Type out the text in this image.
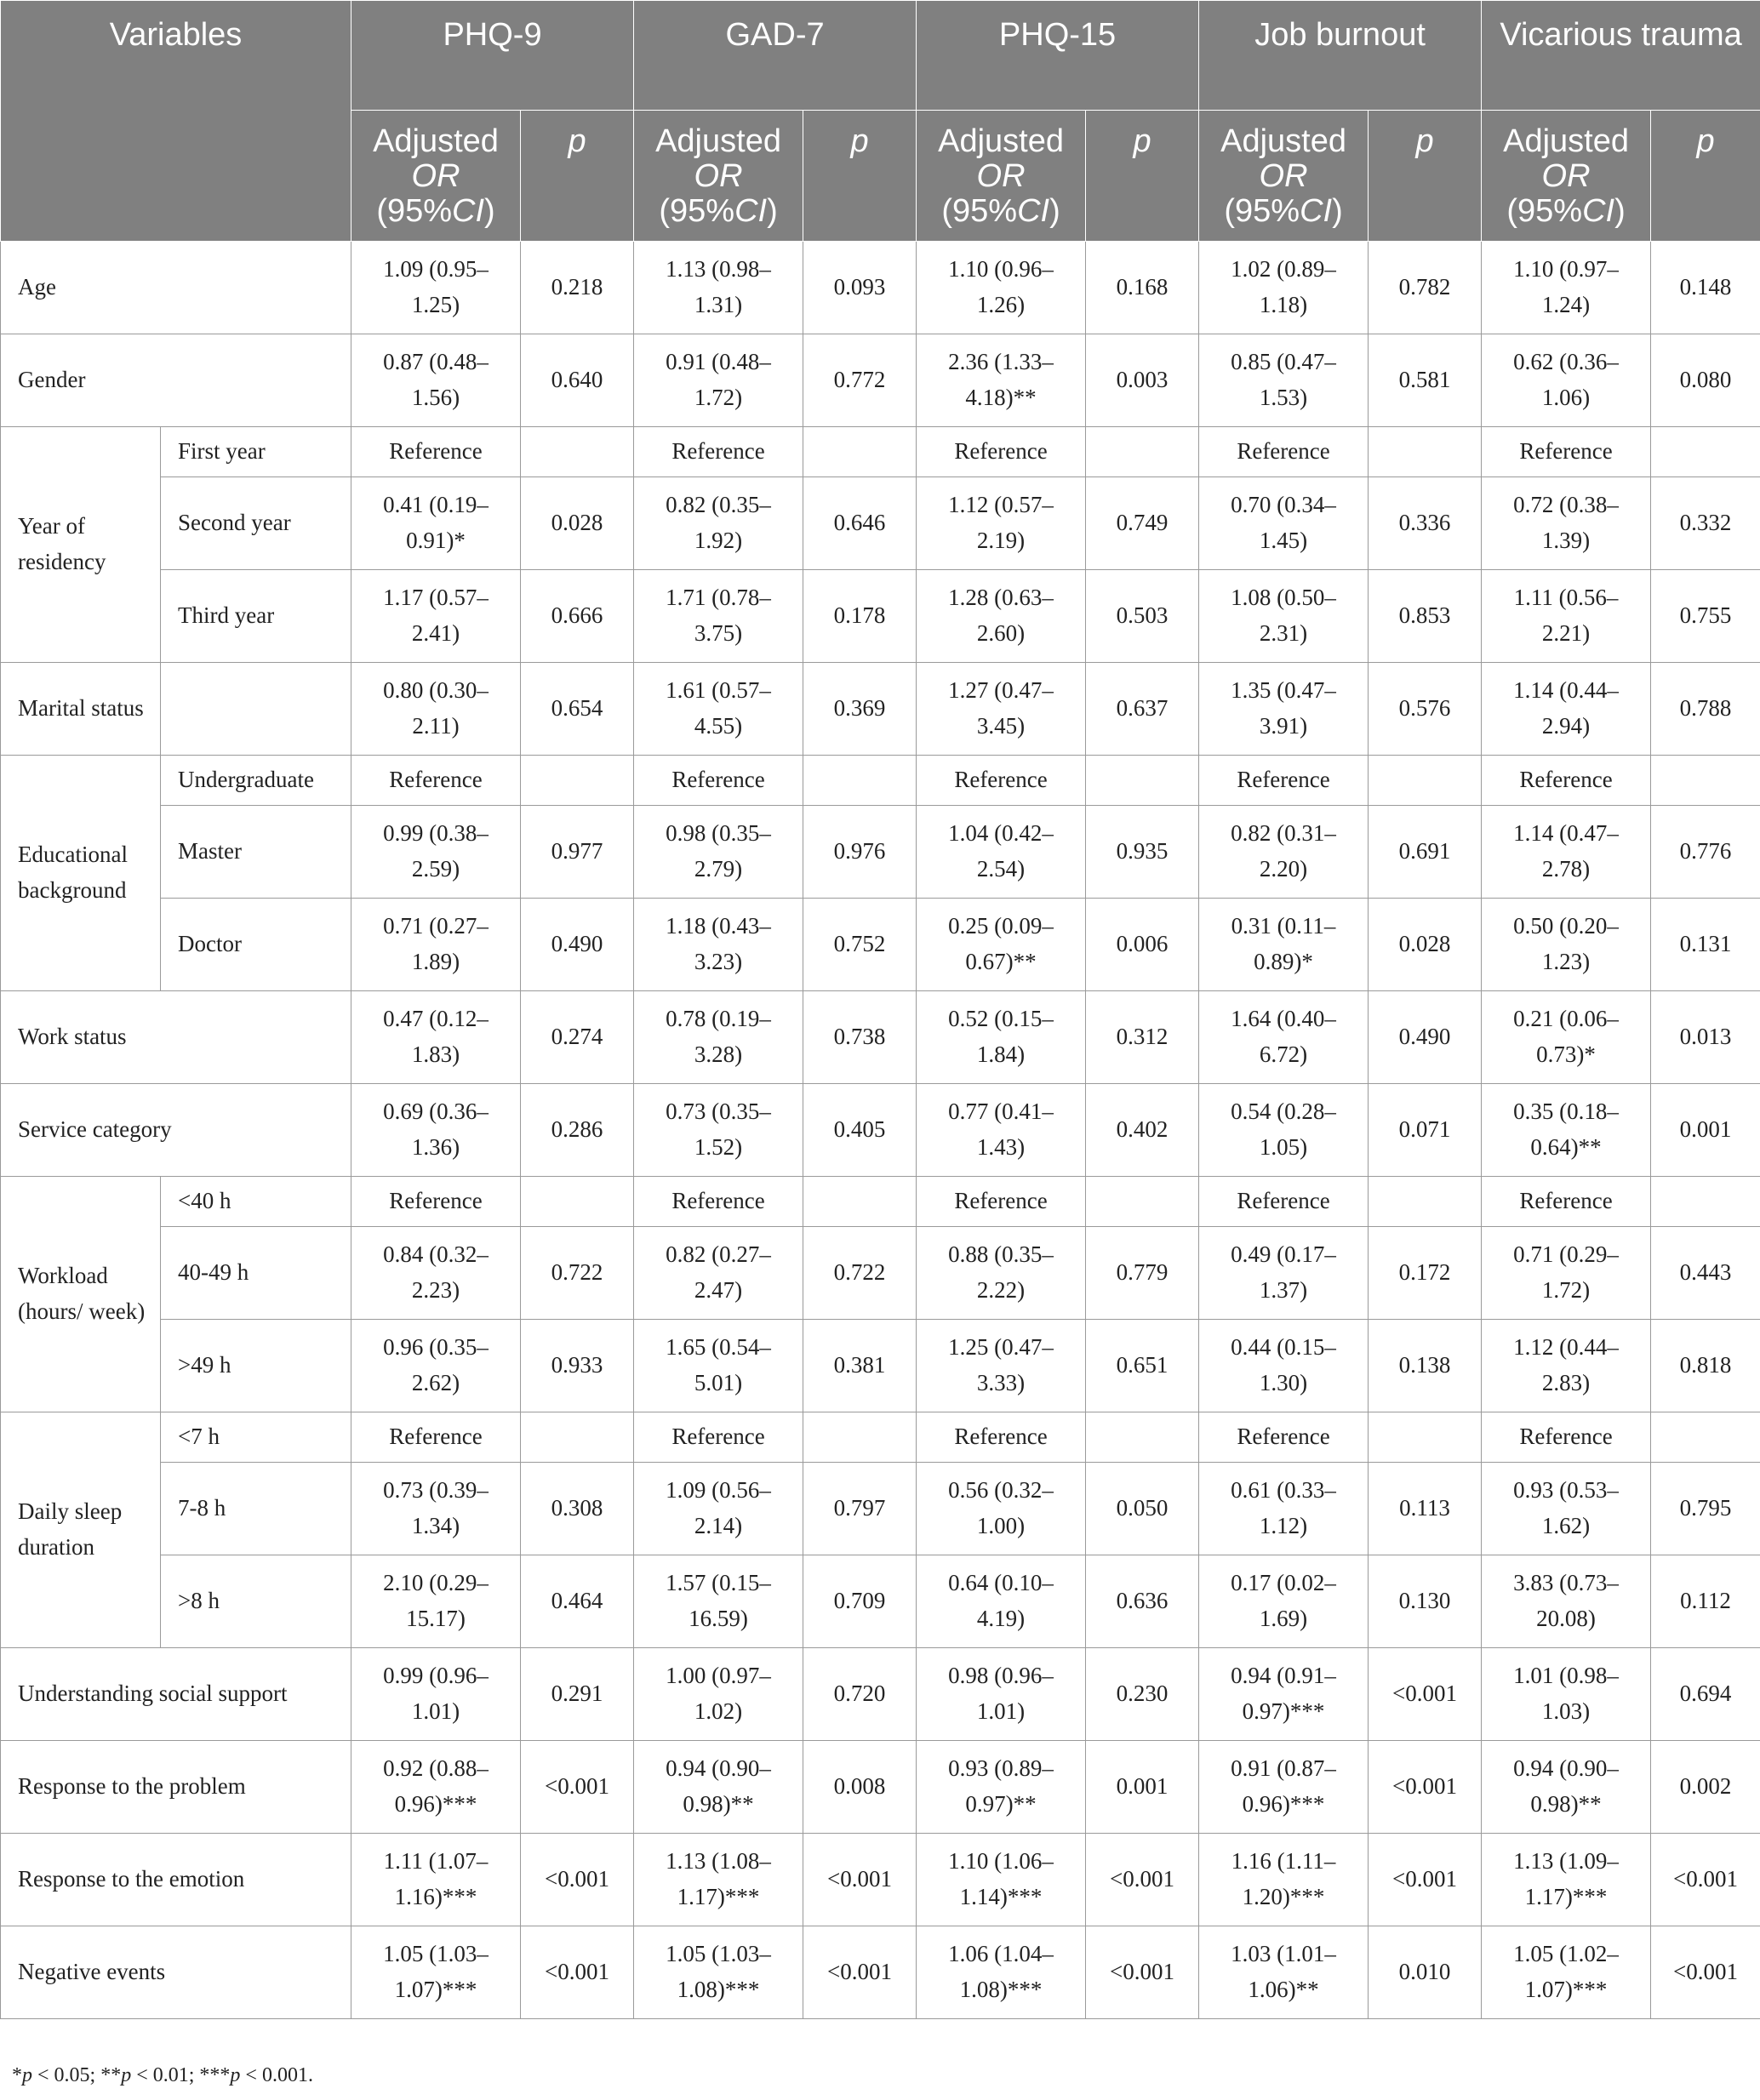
Variables		PHQ-9		GAD-7		PHQ-15		Job burnout		Vicarious trauma	
		Adjusted
OR
(95%CI)	p	Adjusted
OR
(95%CI)	p	Adjusted
OR
(95%CI)	p	Adjusted
OR
(95%CI)	p	Adjusted
OR
(95%CI)	p
Age		1.09 (0.95–1.25)	0.218	1.13 (0.98–1.31)	0.093	1.10 (0.96–1.26)	0.168	1.02 (0.89–1.18)	0.782	1.10 (0.97–1.24)	0.148
Gender		0.87 (0.48–1.56)	0.640	0.91 (0.48–1.72)	0.772	2.36 (1.33–4.18)**	0.003	0.85 (0.47–1.53)	0.581	0.62 (0.36–1.06)	0.080
Year of residency	First year	Reference		Reference		Reference		Reference		Reference	
	Second year	0.41 (0.19–0.91)*	0.028	0.82 (0.35–1.92)	0.646	1.12 (0.57–2.19)	0.749	0.70 (0.34–1.45)	0.336	0.72 (0.38–1.39)	0.332
	Third year	1.17 (0.57–2.41)	0.666	1.71 (0.78–3.75)	0.178	1.28 (0.63–2.60)	0.503	1.08 (0.50–2.31)	0.853	1.11 (0.56–2.21)	0.755
Marital status		0.80 (0.30–2.11)	0.654	1.61 (0.57–4.55)	0.369	1.27 (0.47–3.45)	0.637	1.35 (0.47–3.91)	0.576	1.14 (0.44–2.94)	0.788
Educational background	Undergraduate	Reference		Reference		Reference		Reference		Reference	
	Master	0.99 (0.38–2.59)	0.977	0.98 (0.35–2.79)	0.976	1.04 (0.42–2.54)	0.935	0.82 (0.31–2.20)	0.691	1.14 (0.47–2.78)	0.776
	Doctor	0.71 (0.27–1.89)	0.490	1.18 (0.43–3.23)	0.752	0.25 (0.09–0.67)**	0.006	0.31 (0.11–0.89)*	0.028	0.50 (0.20–1.23)	0.131
Work status		0.47 (0.12–1.83)	0.274	0.78 (0.19–3.28)	0.738	0.52 (0.15–1.84)	0.312	1.64 (0.40–6.72)	0.490	0.21 (0.06–0.73)*	0.013
Service category		0.69 (0.36–1.36)	0.286	0.73 (0.35–1.52)	0.405	0.77 (0.41–1.43)	0.402	0.54 (0.28–1.05)	0.071	0.35 (0.18–0.64)**	0.001
Workload (hours/ week)	<40 h	Reference		Reference		Reference		Reference		Reference	
	40-49 h	0.84 (0.32–2.23)	0.722	0.82 (0.27–2.47)	0.722	0.88 (0.35–2.22)	0.779	0.49 (0.17–1.37)	0.172	0.71 (0.29–1.72)	0.443
	>49 h	0.96 (0.35–2.62)	0.933	1.65 (0.54–5.01)	0.381	1.25 (0.47–3.33)	0.651	0.44 (0.15–1.30)	0.138	1.12 (0.44–2.83)	0.818
Daily sleep duration	<7 h	Reference		Reference		Reference		Reference		Reference	
	7-8 h	0.73 (0.39–1.34)	0.308	1.09 (0.56–2.14)	0.797	0.56 (0.32–1.00)	0.050	0.61 (0.33–1.12)	0.113	0.93 (0.53–1.62)	0.795
	>8 h	2.10 (0.29–15.17)	0.464	1.57 (0.15–16.59)	0.709	0.64 (0.10–4.19)	0.636	0.17 (0.02–1.69)	0.130	3.83 (0.73–20.08)	0.112
Understanding social support		0.99 (0.96–1.01)	0.291	1.00 (0.97–1.02)	0.720	0.98 (0.96–1.01)	0.230	0.94 (0.91–0.97)***	<0.001	1.01 (0.98–1.03)	0.694
Response to the problem		0.92 (0.88–0.96)***	<0.001	0.94 (0.90–0.98)**	0.008	0.93 (0.89–0.97)**	0.001	0.91 (0.87–0.96)***	<0.001	0.94 (0.90–0.98)**	0.002
Response to the emotion		1.11 (1.07–1.16)***	<0.001	1.13 (1.08–1.17)***	<0.001	1.10 (1.06–1.14)***	<0.001	1.16 (1.11–1.20)***	<0.001	1.13 (1.09–1.17)***	<0.001
Negative events		1.05 (1.03–1.07)***	<0.001	1.05 (1.03–1.08)***	<0.001	1.06 (1.04–1.08)***	<0.001	1.03 (1.01–1.06)**	0.010	1.05 (1.02–1.07)***	<0.001
*p < 0.05; **p < 0.01; ***p < 0.001.
